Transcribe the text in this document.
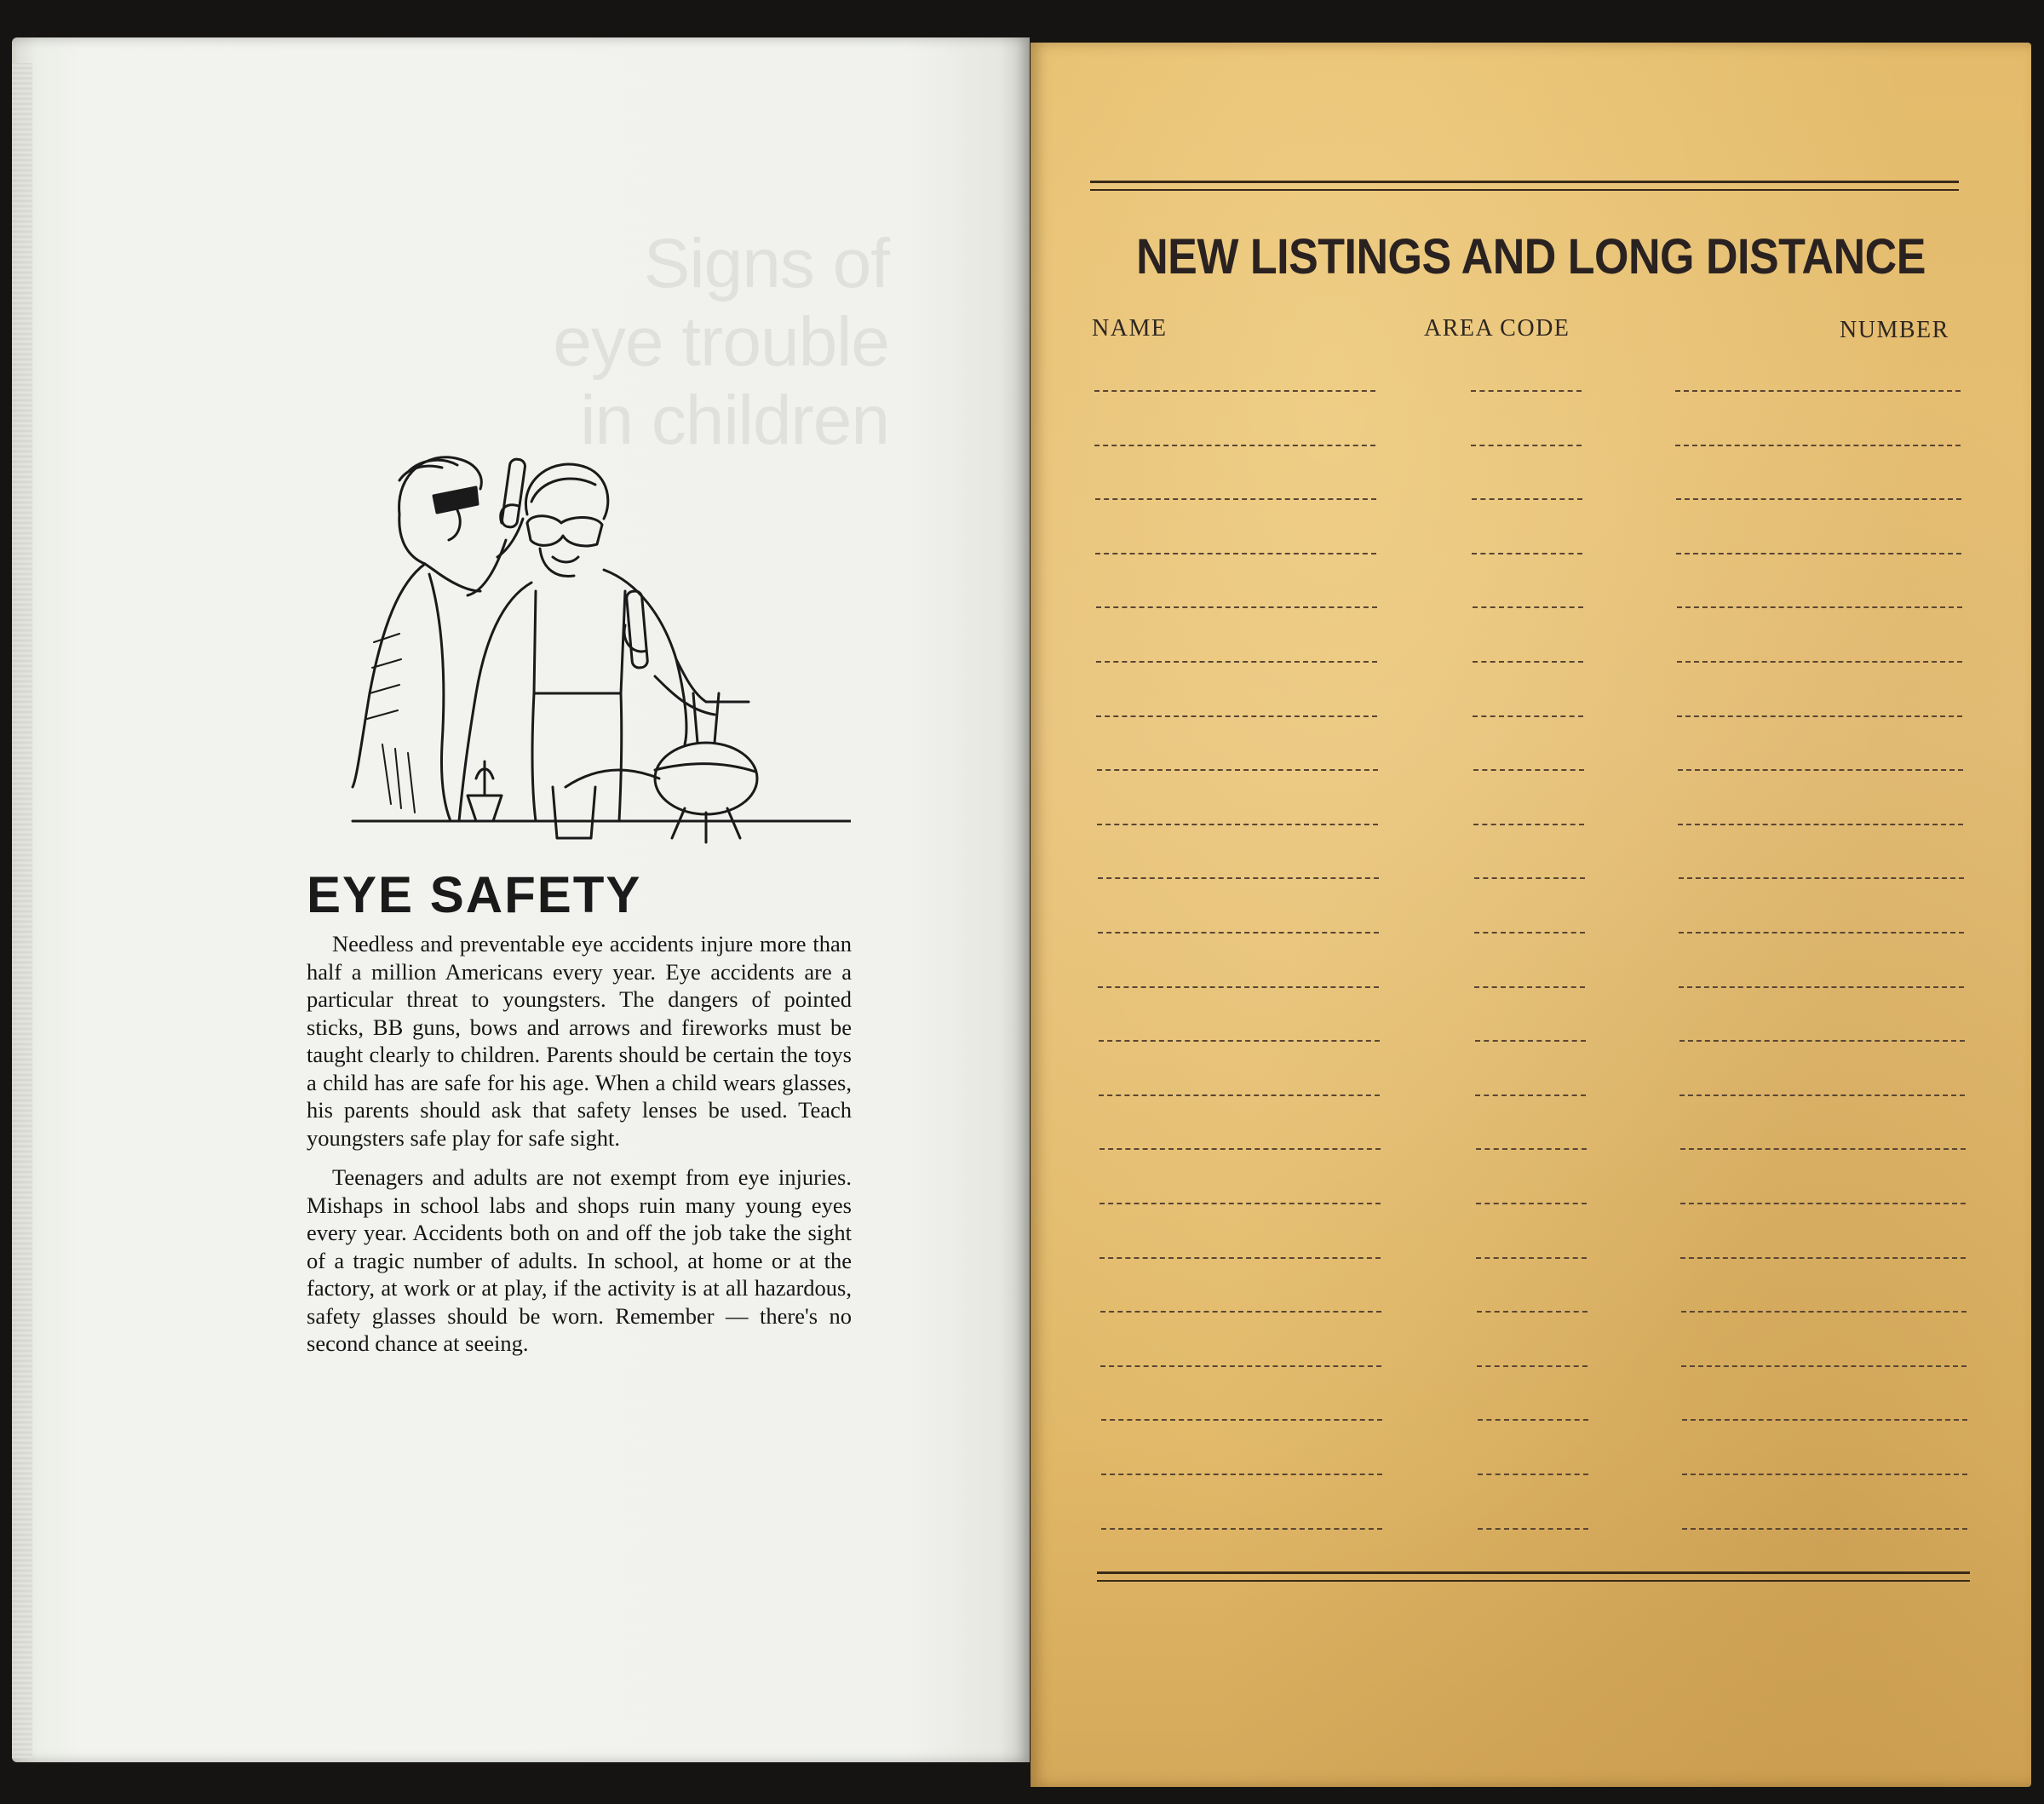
Signs of
eye trouble
in children
EYE SAFETY

Needless and preventable eye accidents injure more than half a million Americans every year. Eye accidents are a particular threat to youngsters. The dangers of pointed sticks, BB guns, bows and arrows and fireworks must be taught clearly to children. Parents should be certain the toys a child has are safe for his age. When a child wears glasses, his parents should ask that safety lenses be used. Teach youngsters safe play for safe sight.

Teenagers and adults are not exempt from eye injuries. Mishaps in school labs and shops ruin many young eyes every year. Accidents both on and off the job take the sight of a tragic number of adults. In school, at home or at the factory, at work or at play, if the activity is at all hazardous, safety glasses should be worn. Remember — there's no second chance at seeing.

NEW LISTINGS AND LONG DISTANCE
NAME	AREA CODE	NUMBER
